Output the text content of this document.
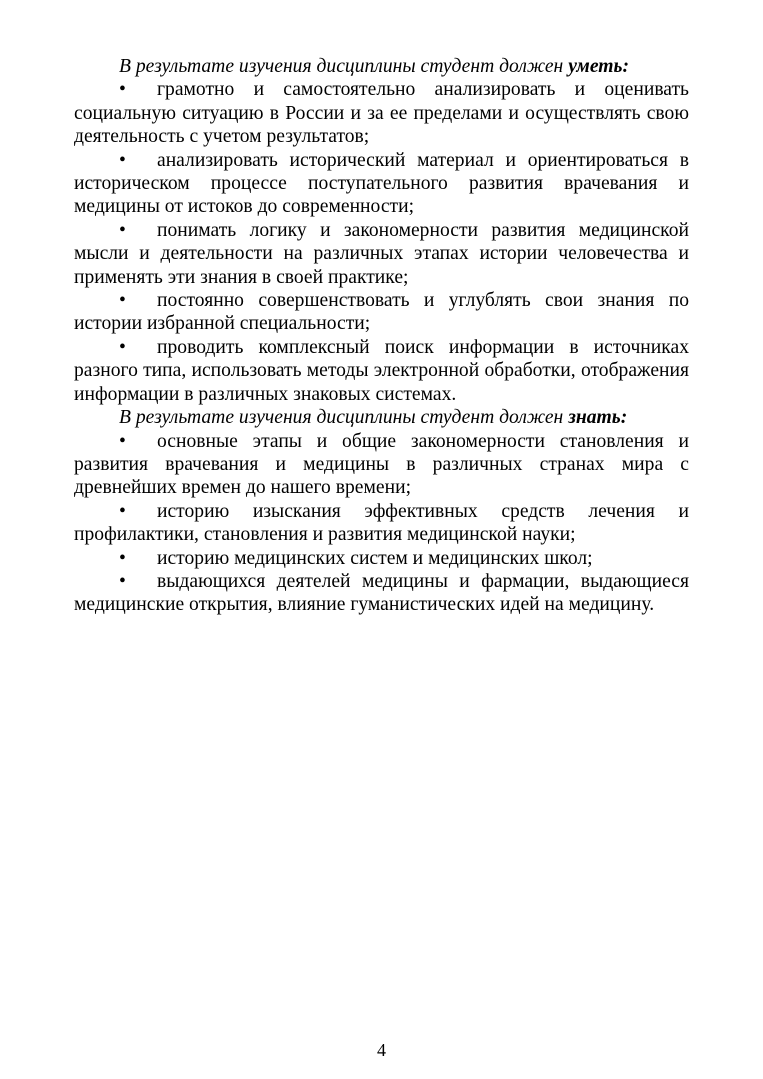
В результате изучения дисциплины студент должен уметь:

• грамотно и самостоятельно анализировать и оценивать социальную ситуацию в России и за ее пределами и осуществлять свою деятельность с учетом результатов;

• анализировать исторический материал и ориентироваться в историческом процессе поступательного развития врачевания и медицины от истоков до современности;

• понимать логику и закономерности развития медицинской мысли и деятельности на различных этапах истории человечества и применять эти знания в своей практике;

• постоянно совершенствовать и углублять свои знания по истории избранной специальности;

• проводить комплексный поиск информации в источниках разного типа, использовать методы электронной обработки, отображения информации в различных знаковых системах.

В результате изучения дисциплины студент должен знать:

• основные этапы и общие закономерности становления и развития врачевания и медицины в различных странах мира с древнейших времен до нашего времени;

• историю изыскания эффективных средств лечения и профилактики, становления и развития медицинской науки;

• историю медицинских систем и медицинских школ;

• выдающихся деятелей медицины и фармации, выдающиеся медицинские открытия, влияние гуманистических идей на медицину.

4
